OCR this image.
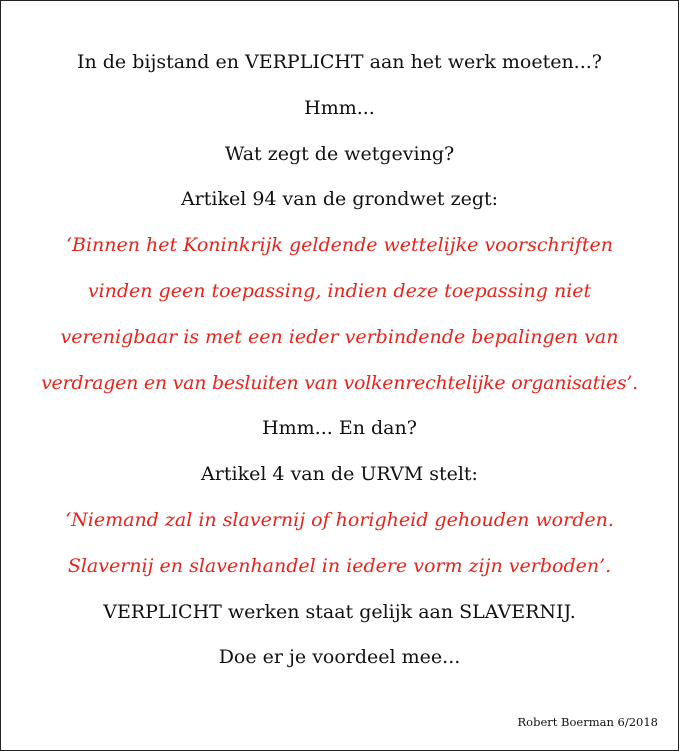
In de bijstand en VERPLICHT aan het werk moeten...?
Hmm...
Wat zegt de wetgeving?
Artikel 94 van de grondwet zegt:
‘Binnen het Koninkrijk geldende wettelijke voorschriften
vinden geen toepassing, indien deze toepassing niet
verenigbaar is met een ieder verbindende bepalingen van
verdragen en van besluiten van volkenrechtelijke organisaties’.
Hmm... En dan?
Artikel 4 van de URVM stelt:
‘Niemand zal in slavernij of horigheid gehouden worden.
Slavernij en slavenhandel in iedere vorm zijn verboden’.
VERPLICHT werken staat gelijk aan SLAVERNIJ.
Doe er je voordeel mee...
Robert Boerman 6/2018
